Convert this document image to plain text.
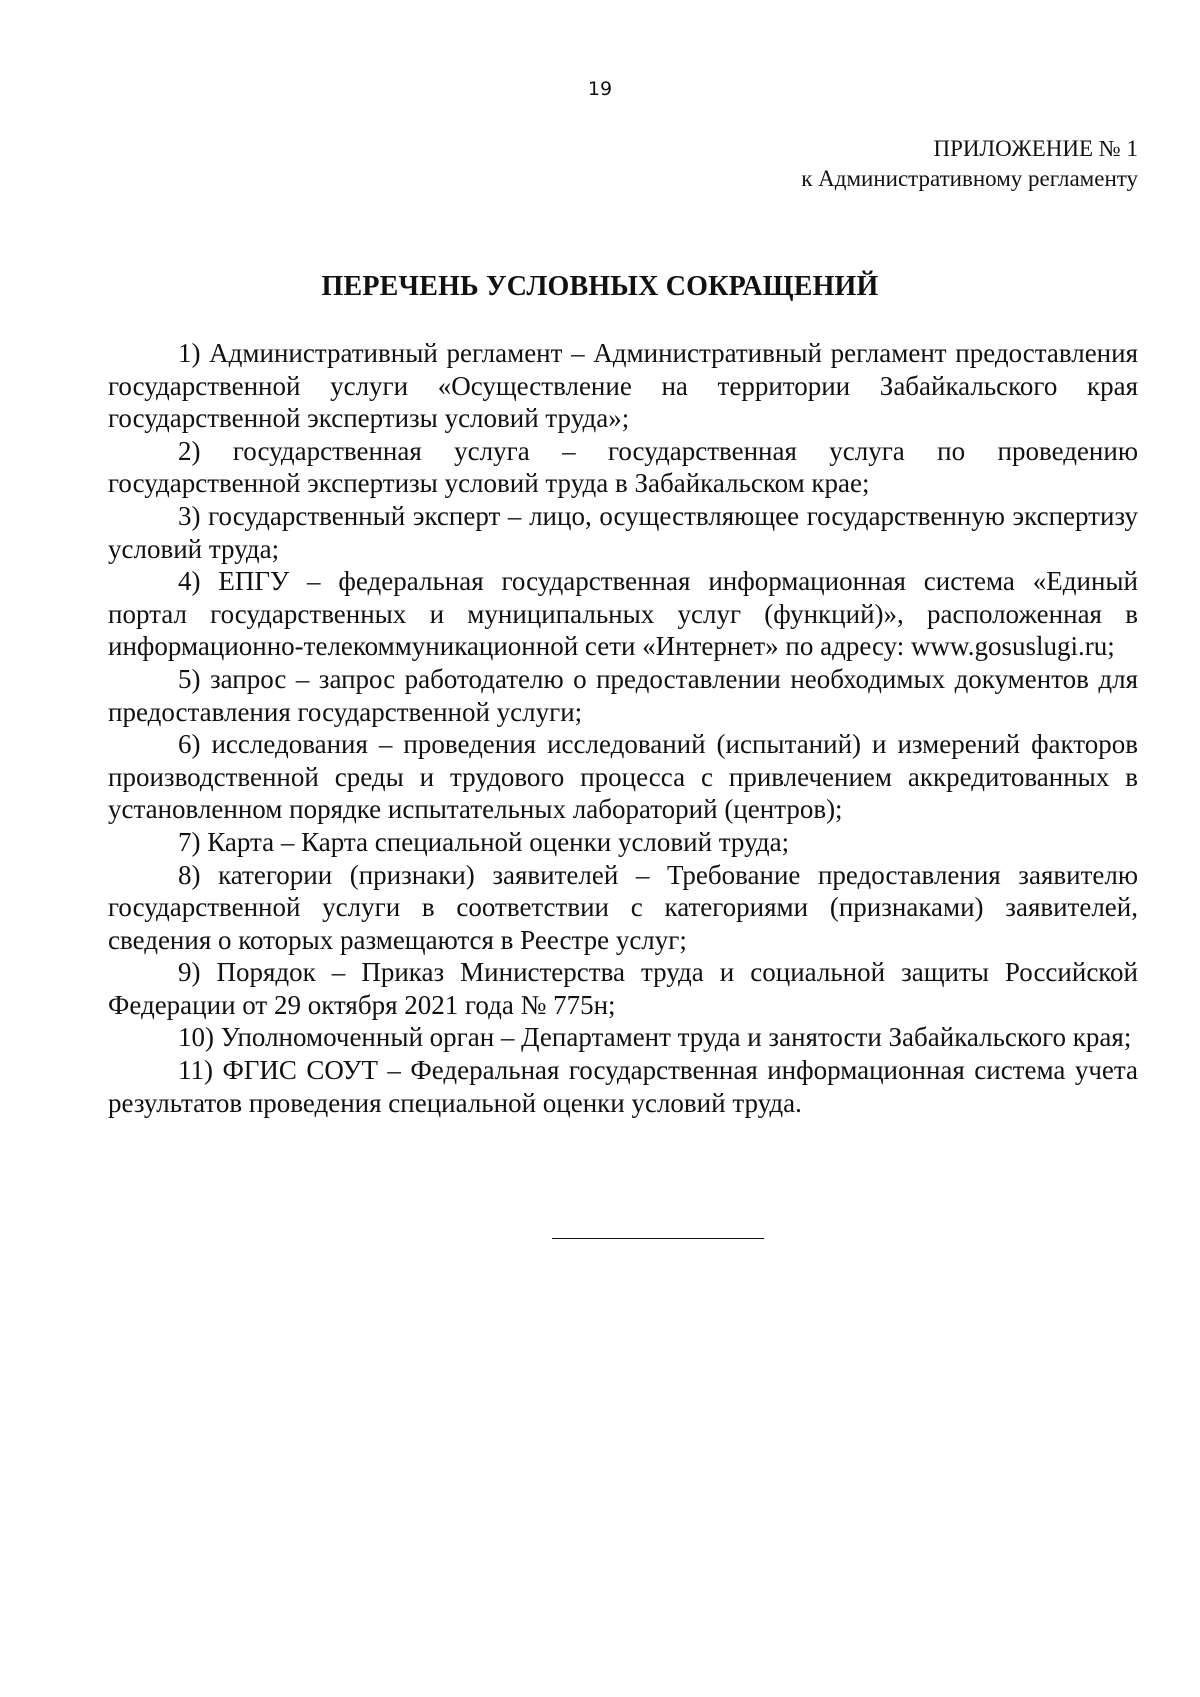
19
ПРИЛОЖЕНИЕ № 1
к Административному регламенту
ПЕРЕЧЕНЬ УСЛОВНЫХ СОКРАЩЕНИЙ

1) Административный регламент – Административный регламент предоставления государственной услуги «Осуществление на территории Забайкальского края государственной экспертизы условий труда»;

2) государственная услуга – государственная услуга по проведению государственной экспертизы условий труда в Забайкальском крае;

3) государственный эксперт – лицо, осуществляющее государственную экспертизу условий труда;

4) ЕПГУ – федеральная государственная информационная система «Единый портал государственных и муниципальных услуг (функций)», расположенная в информационно-телекоммуникационной сети «Интернет» по адресу: www.gosuslugi.ru;

5) запрос – запрос работодателю о предоставлении необходимых документов для предоставления государственной услуги;

6) исследования – проведения исследований (испытаний) и измерений факторов производственной среды и трудового процесса с привлечением аккредитованных в установленном порядке испытательных лабораторий (центров);

7) Карта – Карта специальной оценки условий труда;

8) категории (признаки) заявителей – Требование предоставления заявителю государственной услуги в соответствии с категориями (признаками) заявителей, сведения о которых размещаются в Реестре услуг;

9) Порядок – Приказ Министерства труда и социальной защиты Российской Федерации от 29 октября 2021 года № 775н;

10) Уполномоченный орган – Департамент труда и занятости Забайкальского края;

11) ФГИС СОУТ – Федеральная государственная информационная система учета результатов проведения специальной оценки условий труда.
